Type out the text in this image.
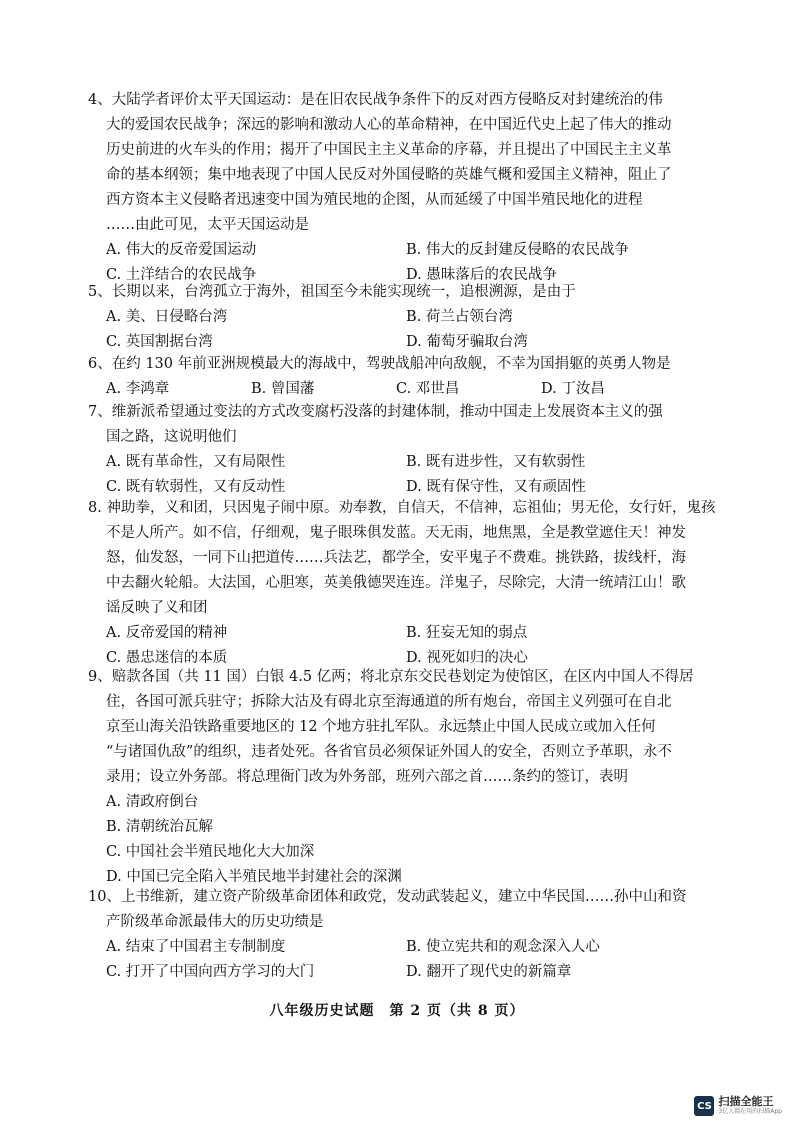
4、大陆学者评价太平天国运动：是在旧农民战争条件下的反对西方侵略反对封建统治的伟
大的爱国农民战争；深远的影响和激动人心的革命精神，在中国近代史上起了伟大的推动
历史前进的火车头的作用；揭开了中国民主主义革命的序幕，并且提出了中国民主主义革
命的基本纲领；集中地表现了中国人民反对外国侵略的英雄气概和爱国主义精神，阻止了
西方资本主义侵略者迅速变中国为殖民地的企图，从而延缓了中国半殖民地化的进程
……由此可见，太平天国运动是
A. 伟大的反帝爱国运动	B. 伟大的反封建反侵略的农民战争
C. 土洋结合的农民战争	D. 愚昧落后的农民战争
5、长期以来，台湾孤立于海外，祖国至今未能实现统一，追根溯源，是由于
A. 美、日侵略台湾	B. 荷兰占领台湾
C. 英国割据台湾	D. 葡萄牙骗取台湾
6、在约 130 年前亚洲规模最大的海战中，驾驶战船冲向敌舰，不幸为国捐躯的英勇人物是
A. 李鸿章	B. 曾国藩	C. 邓世昌	D. 丁汝昌
7、维新派希望通过变法的方式改变腐朽没落的封建体制，推动中国走上发展资本主义的强
国之路，这说明他们
A. 既有革命性，又有局限性	B. 既有进步性，又有软弱性
C. 既有软弱性，又有反动性	D. 既有保守性，又有顽固性
8. 神助拳，义和团，只因鬼子闹中原。劝奉教，自信天，不信神，忘祖仙；男无伦，女行奸，鬼孩
不是人所产。如不信，仔细观，鬼子眼珠俱发蓝。天无雨，地焦黑，全是教堂遮住天！神发
怒，仙发怒，一同下山把道传……兵法艺，都学全，安平鬼子不费难。挑铁路，拔线杆，海
中去翻火轮船。大法国，心胆寒，英美俄德哭连连。洋鬼子，尽除完，大清一统靖江山！歌
谣反映了义和团
A. 反帝爱国的精神	B. 狂妄无知的弱点
C. 愚忠迷信的本质	D. 视死如归的决心
9、赔款各国（共 11 国）白银 4.5 亿两；将北京东交民巷划定为使馆区，在区内中国人不得居
住，各国可派兵驻守；拆除大沽及有碍北京至海通道的所有炮台，帝国主义列强可在自北
京至山海关沿铁路重要地区的 12 个地方驻扎军队。永远禁止中国人民成立或加入任何
“与诸国仇敌”的组织，违者处死。各省官员必须保证外国人的安全，否则立予革职，永不
录用；设立外务部。将总理衙门改为外务部，班列六部之首……条约的签订，表明
A. 清政府倒台
B. 清朝统治瓦解
C. 中国社会半殖民地化大大加深
D. 中国已完全陷入半殖民地半封建社会的深渊
10、上书维新，建立资产阶级革命团体和政党，发动武装起义，建立中华民国……孙中山和资
产阶级革命派最伟大的历史功绩是
A. 结束了中国君主专制制度	B. 使立宪共和的观念深入人心
C. 打开了中国向西方学习的大门	D. 翻开了现代史的新篇章
八年级历史试题　第 2 页（共 8 页）
CS 扫描全能王
3亿人都在用的扫描App
